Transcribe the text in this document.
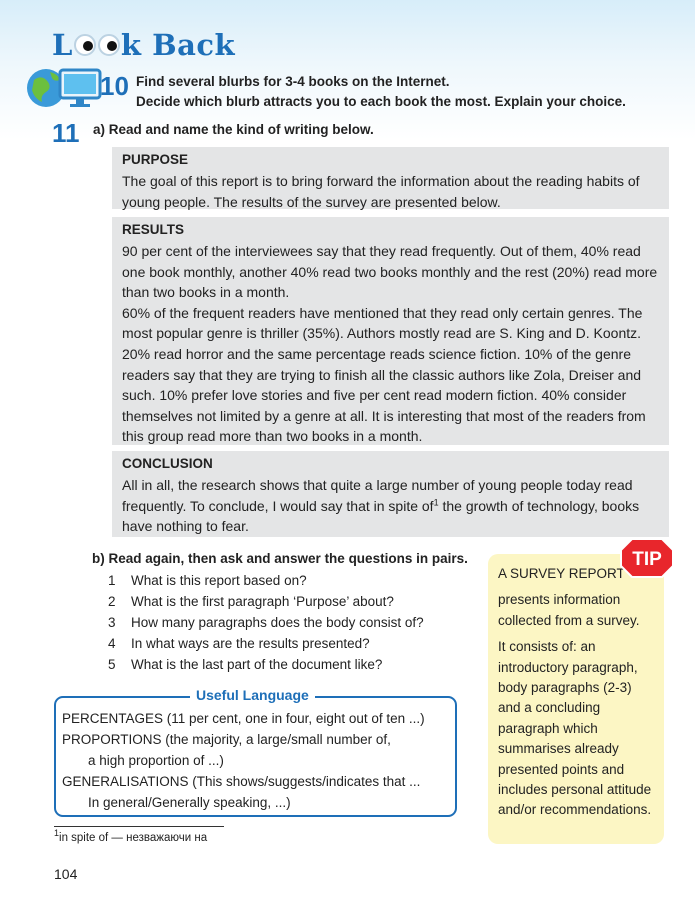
L k Back
10 Find several blurbs for 3-4 books on the Internet.
Decide which blurb attracts you to each book the most. Explain your choice.
11 a) Read and name the kind of writing below.
PURPOSE
The goal of this report is to bring forward the information about the reading habits of young people. The results of the survey are presented below.
RESULTS
90 per cent of the interviewees say that they read frequently. Out of them, 40% read one book monthly, another 40% read two books monthly and the rest (20%) read more than two books in a month.
60% of the frequent readers have mentioned that they read only certain genres. The most popular genre is thriller (35%). Authors mostly read are S. King and D. Koontz. 20% read horror and the same percentage reads science fiction. 10% of the genre readers say that they are trying to finish all the classic authors like Zola, Dreiser and such. 10% prefer love stories and five per cent read modern fiction. 40% consider themselves not limited by a genre at all. It is interesting that most of the readers from this group read more than two books in a month.
CONCLUSION
All in all, the research shows that quite a large number of young people today read frequently. To conclude, I would say that in spite $of^1$ the growth of technology, books have nothing to fear.
b) Read again, then ask and answer the questions in pairs.
1	What is this report based on?
2	What is the first paragraph ‘Purpose’ about?
3	How many paragraphs does the body consist of?
4	In what ways are the results presented?
5	What is the last part of the document like?
Useful Language
PERCENTAGES (11 per cent, one in four, eight out of ten ...)
PROPORTIONS (the majority, a large/small number of,
a high proportion of ...)
GENERALISATIONS (This shows/suggests/indicates that ...
In general/Generally speaking, ...)

A SURVEY REPORT

presents information collected from a survey.

It consists of: an introductory paragraph, body paragraphs (2-3) and a concluding paragraph which summarises already presented points and includes personal attitude and/or recommendations.

TIP
$^1$in spite of — незважаючи на
104
